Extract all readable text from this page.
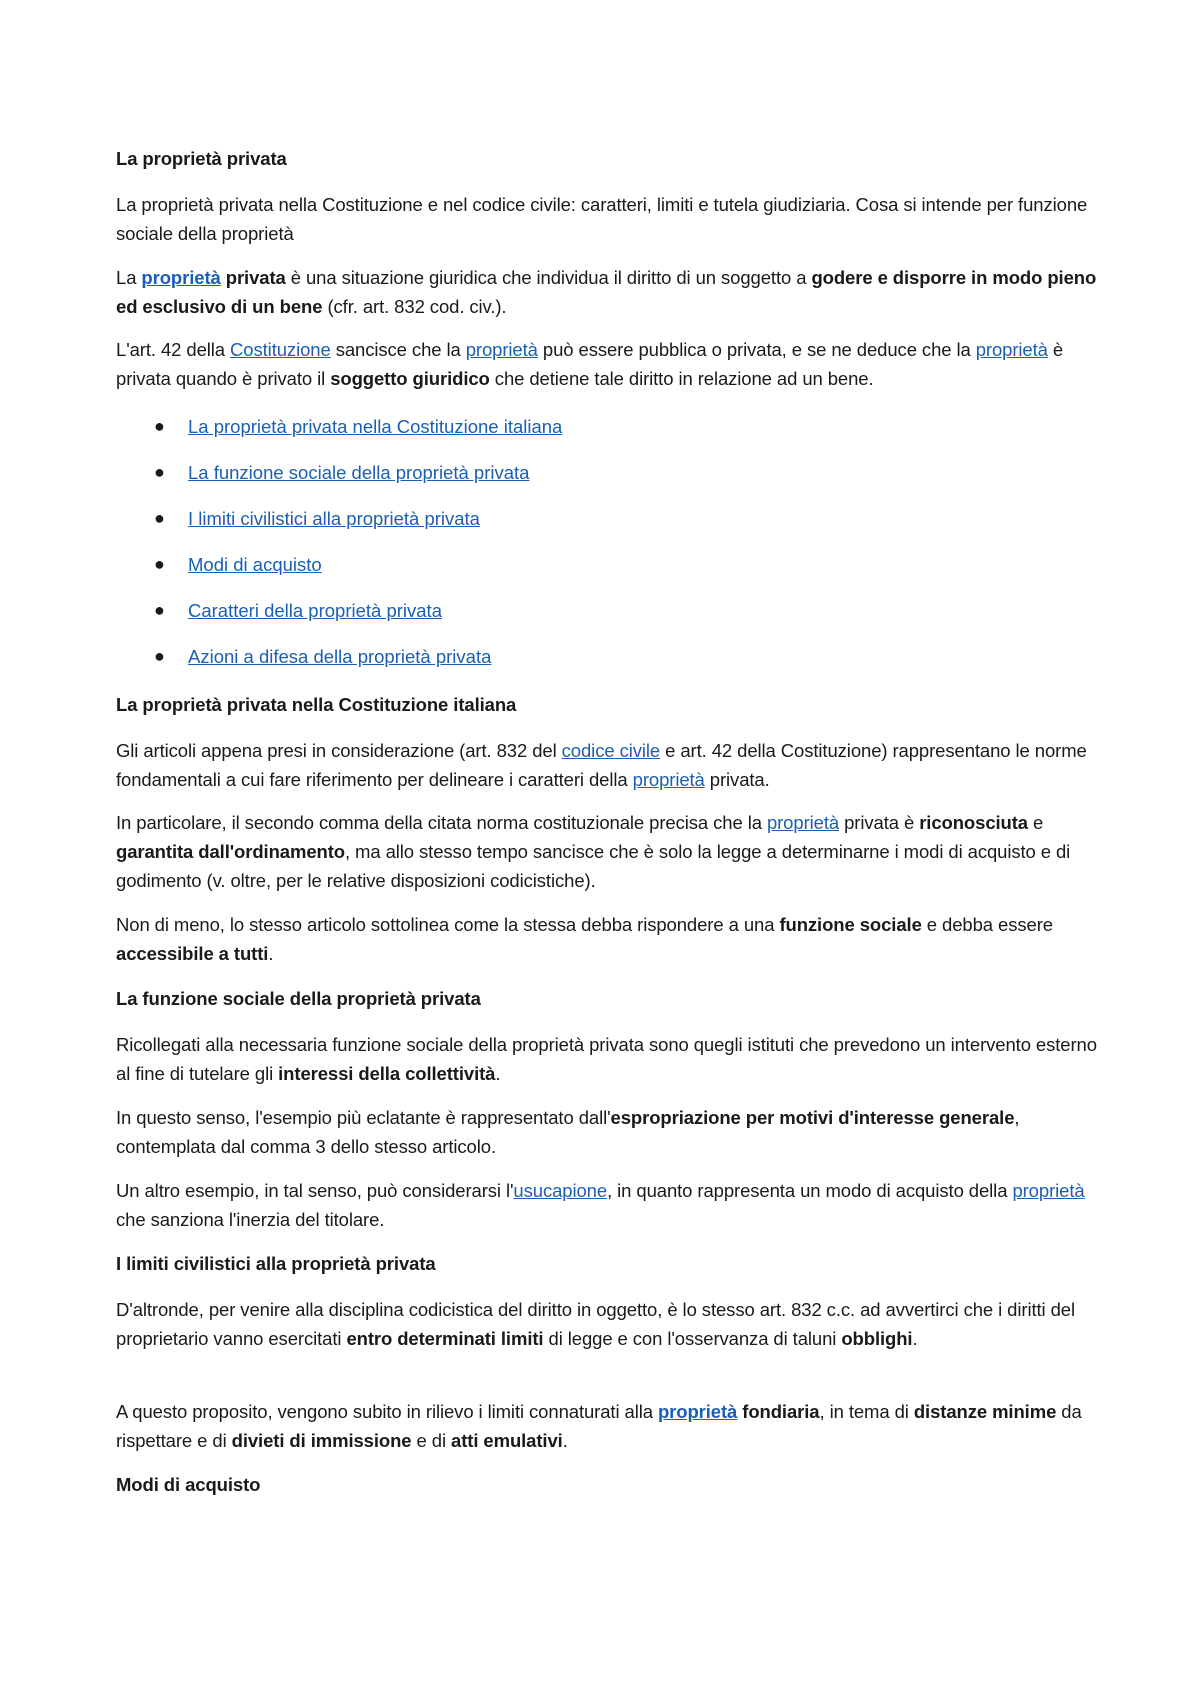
La proprietà privata
La proprietà privata nella Costituzione e nel codice civile: caratteri, limiti e tutela giudiziaria. Cosa si intende per funzione sociale della proprietà
La proprietà privata è una situazione giuridica che individua il diritto di un soggetto a godere e disporre in modo pieno ed esclusivo di un bene (cfr. art. 832 cod. civ.).
L'art. 42 della Costituzione sancisce che la proprietà può essere pubblica o privata, e se ne deduce che la proprietà è privata quando è privato il soggetto giuridico che detiene tale diritto in relazione ad un bene.
● La proprietà privata nella Costituzione italiana
● La funzione sociale della proprietà privata
● I limiti civilistici alla proprietà privata
● Modi di acquisto
● Caratteri della proprietà privata
● Azioni a difesa della proprietà privata
La proprietà privata nella Costituzione italiana
Gli articoli appena presi in considerazione (art. 832 del codice civile e art. 42 della Costituzione) rappresentano le norme fondamentali a cui fare riferimento per delineare i caratteri della proprietà privata.
In particolare, il secondo comma della citata norma costituzionale precisa che la proprietà privata è riconosciuta e garantita dall'ordinamento, ma allo stesso tempo sancisce che è solo la legge a determinarne i modi di acquisto e di godimento (v. oltre, per le relative disposizioni codicistiche).
Non di meno, lo stesso articolo sottolinea come la stessa debba rispondere a una funzione sociale e debba essere accessibile a tutti.
La funzione sociale della proprietà privata
Ricollegati alla necessaria funzione sociale della proprietà privata sono quegli istituti che prevedono un intervento esterno al fine di tutelare gli interessi della collettività.
In questo senso, l'esempio più eclatante è rappresentato dall'espropriazione per motivi d'interesse generale, contemplata dal comma 3 dello stesso articolo.
Un altro esempio, in tal senso, può considerarsi l'usucapione, in quanto rappresenta un modo di acquisto della proprietà che sanziona l'inerzia del titolare.
I limiti civilistici alla proprietà privata
D'altronde, per venire alla disciplina codicistica del diritto in oggetto, è lo stesso art. 832 c.c. ad avvertirci che i diritti del proprietario vanno esercitati entro determinati limiti di legge e con l'osservanza di taluni obblighi.
A questo proposito, vengono subito in rilievo i limiti connaturati alla proprietà fondiaria, in tema di distanze minime da rispettare e di divieti di immissione e di atti emulativi.
Modi di acquisto
